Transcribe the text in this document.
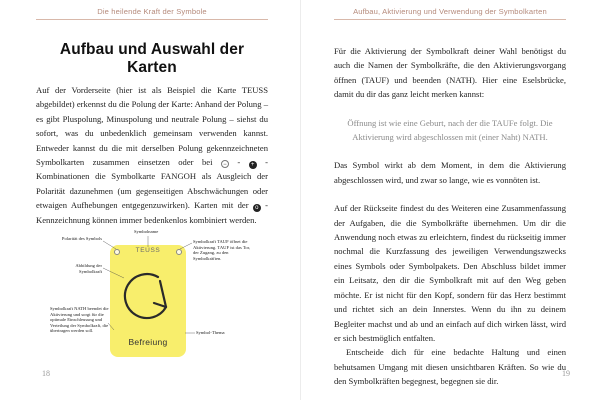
Die heilende Kraft der Symbole
Aufbau und Auswahl der Karten

Auf der Vorderseite (hier ist als Beispiel die Karte TEUSS abgebildet) erkennst du die Polung der Karte: Anhand der Polung – es gibt Pluspolung, Minuspolung und neutrale Polung – siehst du sofort, was du unbedenklich gemeinsam verwenden kannst. Entweder kannst du die mit derselben Polung gekennzeichneten Symbolkarten zusammen einsetzen oder bei − - + -Kombinationen die Symbolkarte FANGOH als Ausgleich der Polarität dazunehmen (um gegenseitigen Abschwächungen oder etwaigen Aufhebungen entgegenzuwirken). Karten mit der o -Kennzeichnung können immer bedenkenlos kombiniert werden.

TEUSS
Befreiung
Polarität des Symbols
Symbolname
Symbolkraft TAUF öffnet die Aktivierung. TAUF ist das Tor, der Zugang, zu den Symbolkräften.
Abbildung der Symbolkraft
Symbolkraft NATH beendet die Aktivierung und sorgt für die optimale Einschleusung und Verteilung der Symbolkraft, die übertragen werden soll.	Symbol-Thema
18
Aufbau, Aktivierung und Verwendung der Symbolkarten

Für die Aktivierung der Symbolkraft deiner Wahl benötigst du auch die Namen der Symbolkräfte, die den Aktivierungsvorgang öffnen (TAUF) und beenden (NATH). Hier eine Eselsbrücke, damit du dir das ganz leicht merken kannst:

Öffnung ist wie eine Geburt, nach der die TAUFe folgt. Die Aktivierung wird abgeschlossen mit (einer Naht) NATH.

Das Symbol wirkt ab dem Moment, in dem die Aktivierung abgeschlossen wird, und zwar so lange, wie es vonnöten ist.

Auf der Rückseite findest du des Weiteren eine Zusammenfassung der Aufgaben, die die Symbolkräfte übernehmen. Um dir die Anwendung noch etwas zu erleichtern, findest du rückseitig immer nochmal die Kurzfassung des jeweiligen Verwendungszwecks eines Symbols oder Symbolpakets. Den Abschluss bildet immer ein Leitsatz, den dir die Symbolkraft mit auf den Weg geben möchte. Er ist nicht für den Kopf, sondern für das Herz bestimmt und richtet sich an dein Innerstes. Wenn du ihn zu deinem Begleiter machst und ab und an einfach auf dich wirken lässt, wird er sich bestmöglich entfalten.

Entscheide dich für eine bedachte Haltung und einen behutsamen Umgang mit diesen unsichtbaren Kräften. So wie du den Symbolkräften begegnest, begegnen sie dir.

19
